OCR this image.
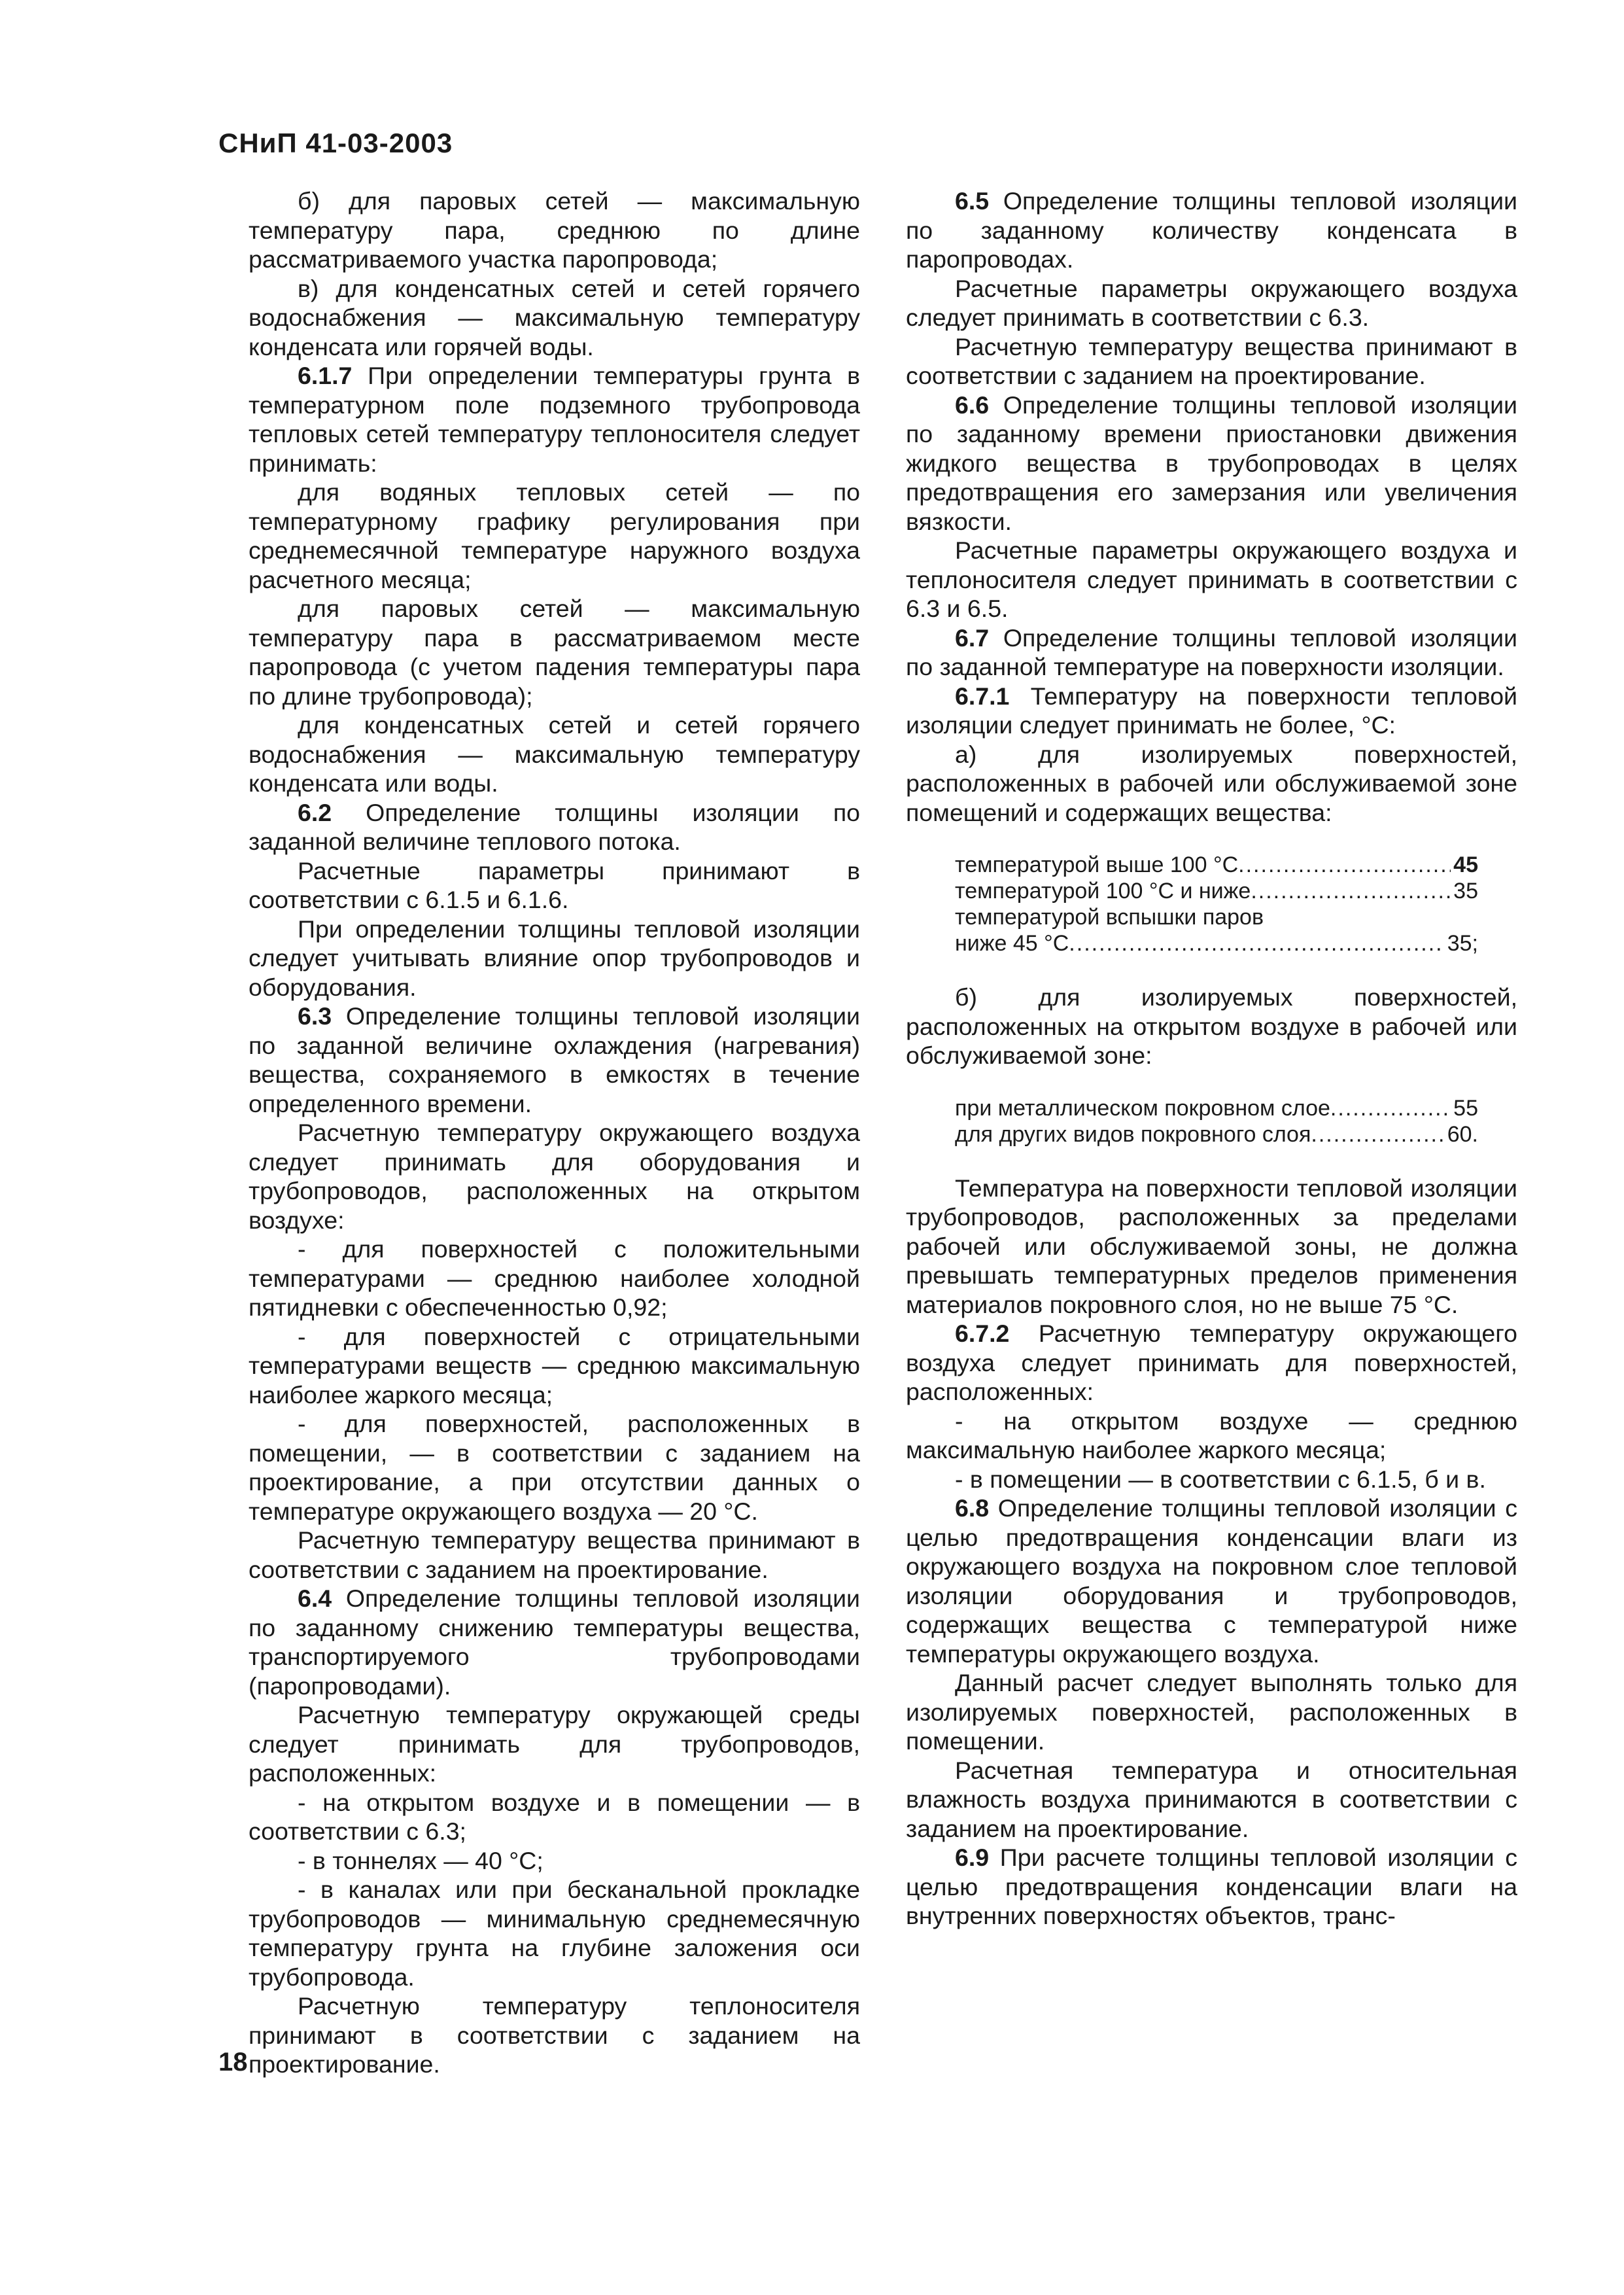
СНиП 41-03-2003

б) для паровых сетей — максимальную температуру пара, среднюю по длине рассматриваемого участка паропровода;

в) для конденсатных сетей и сетей горячего водоснабжения — максимальную температуру конденсата или горячей воды.

6.1.7 При определении температуры грунта в температурном поле подземного трубопровода тепловых сетей температуру теплоносителя следует принимать:

для водяных тепловых сетей — по температурному графику регулирования при среднемесячной температуре наружного воздуха расчетного месяца;

для паровых сетей — максимальную температуру пара в рассматриваемом месте паропровода (с учетом падения температуры пара по длине трубопровода);

для конденсатных сетей и сетей горячего водоснабжения — максимальную температуру конденсата или воды.

6.2 Определение толщины изоляции по заданной величине теплового потока.

Расчетные параметры принимают в соответствии с 6.1.5 и 6.1.6.

При определении толщины тепловой изоляции следует учитывать влияние опор трубопроводов и оборудования.

6.3 Определение толщины тепловой изоляции по заданной величине охлаждения (нагревания) вещества, сохраняемого в емкостях в течение определенного времени.

Расчетную температуру окружающего воздуха следует принимать для оборудования и трубопроводов, расположенных на открытом воздухе:

- для поверхностей с положительными температурами — среднюю наиболее холодной пятидневки с обеспеченностью 0,92;

- для поверхностей с отрицательными температурами веществ — среднюю максимальную наиболее жаркого месяца;

- для поверхностей, расположенных в помещении, — в соответствии с заданием на проектирование, а при отсутствии данных о температуре окружающего воздуха — 20 °С.

Расчетную температуру вещества принимают в соответствии с заданием на проектирование.

6.4 Определение толщины тепловой изоляции по заданному снижению температуры вещества, транспортируемого трубопроводами (паропроводами).

Расчетную температуру окружающей среды следует принимать для трубопроводов, расположенных:

- на открытом воздухе и в помещении — в соответствии с 6.3;

- в тоннелях — 40 °С;

- в каналах или при бесканальной прокладке трубопроводов — минимальную среднемесячную температуру грунта на глубине заложения оси трубопровода.

Расчетную температуру теплоносителя принимают в соответствии с заданием на проектирование.

6.5 Определение толщины тепловой изоляции по заданному количеству конденсата в паропроводах.

Расчетные параметры окружающего воздуха следует принимать в соответствии с 6.3.

Расчетную температуру вещества принимают в соответствии с заданием на проектирование.

6.6 Определение толщины тепловой изоляции по заданному времени приостановки движения жидкого вещества в трубопроводах в целях предотвращения его замерзания или увеличения вязкости.

Расчетные параметры окружающего воздуха и теплоносителя следует принимать в соответствии с 6.3 и 6.5.

6.7 Определение толщины тепловой изоляции по заданной температуре на поверхности изоляции.

6.7.1 Температуру на поверхности тепловой изоляции следует принимать не более, °С:

а) для изолируемых поверхностей, расположенных в рабочей или обслуживаемой зоне помещений и содержащих вещества:

температурой выше 100 °С .....	45
температурой 100 °С и ниже .....	35
температурой вспышки паров
ниже 45 °С .....	35;

б) для изолируемых поверхностей, расположенных на открытом воздухе в рабочей или обслуживаемой зоне:

при металлическом покровном слое .....	55
для других видов покровного слоя .....	60.

Температура на поверхности тепловой изоляции трубопроводов, расположенных за пределами рабочей или обслуживаемой зоны, не должна превышать температурных пределов применения материалов покровного слоя, но не выше 75 °С.

6.7.2 Расчетную температуру окружающего воздуха следует принимать для поверхностей, расположенных:

- на открытом воздухе — среднюю максимальную наиболее жаркого месяца;

- в помещении — в соответствии с 6.1.5, б и в.

6.8 Определение толщины тепловой изоляции с целью предотвращения конденсации влаги из окружающего воздуха на покровном слое тепловой изоляции оборудования и трубопроводов, содержащих вещества с температурой ниже температуры окружающего воздуха.

Данный расчет следует выполнять только для изолируемых поверхностей, расположенных в помещении.

Расчетная температура и относительная влажность воздуха принимаются в соответствии с заданием на проектирование.

6.9 При расчете толщины тепловой изоляции с целью предотвращения конденсации влаги на внутренних поверхностях объектов, транс-

18
